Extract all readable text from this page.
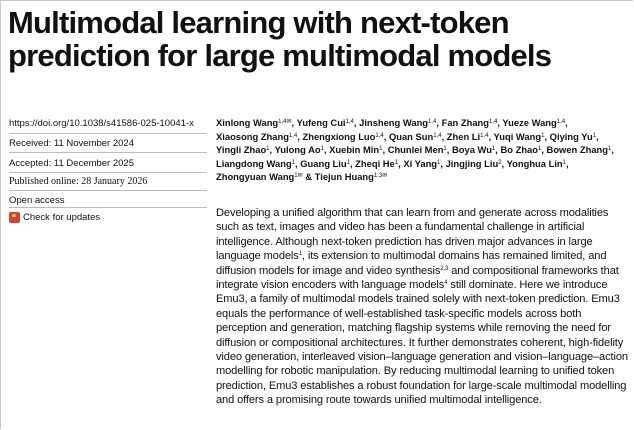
Multimodal learning with next-token prediction for large multimodal models
https://doi.org/10.1038/s41586-025-10041-x
Received: 11 November 2024
Accepted: 11 December 2025
Published online: 28 January 2026
Open access
Check for updates
Xinlong Wang$^{1,4✉}$, Yufeng Cui$^{1,4}$, Jinsheng Wang$^{1,4}$, Fan Zhang$^{1,4}$, Yueze Wang$^{1,4}$, Xiaosong Zhang$^{1,4}$, Zhengxiong Luo$^{1,4}$, Quan Sun$^{1,4}$, Zhen Li$^{1,4}$, Yuqi Wang$^1$, Qiying Yu$^1$, Yingli Zhao$^1$, Yulong Ao$^1$, Xuebin Min$^1$, Chunlei Men$^1$, Boya Wu$^1$, Bo Zhao$^1$, Bowen Zhang$^1$, Liangdong Wang$^1$, Guang Liu$^1$, Zheqi He$^1$, Xi Yang$^1$, Jingjing Liu$^2$, Yonghua Lin$^1$, Zhongyuan Wang$^{1✉}$ & Tiejun Huang$^{1,3✉}$

Developing a unified algorithm that can learn from and generate across modalities such as text, images and video has been a fundamental challenge in artificial intelligence. Although next-token prediction has driven major advances in large language models$^1$, its extension to multimodal domains has remained limited, and diffusion models for image and video synthesis$^{2,3}$ and compositional frameworks that integrate vision encoders with language models$^4$ still dominate. Here we introduce Emu3, a family of multimodal models trained solely with next-token prediction. Emu3 equals the performance of well-established task-specific models across both perception and generation, matching flagship systems while removing the need for diffusion or compositional architectures. It further demonstrates coherent, high-fidelity video generation, interleaved vision–language generation and vision–language–action modelling for robotic manipulation. By reducing multimodal learning to unified token prediction, Emu3 establishes a robust foundation for large-scale multimodal modelling and offers a promising route towards unified multimodal intelligence.
